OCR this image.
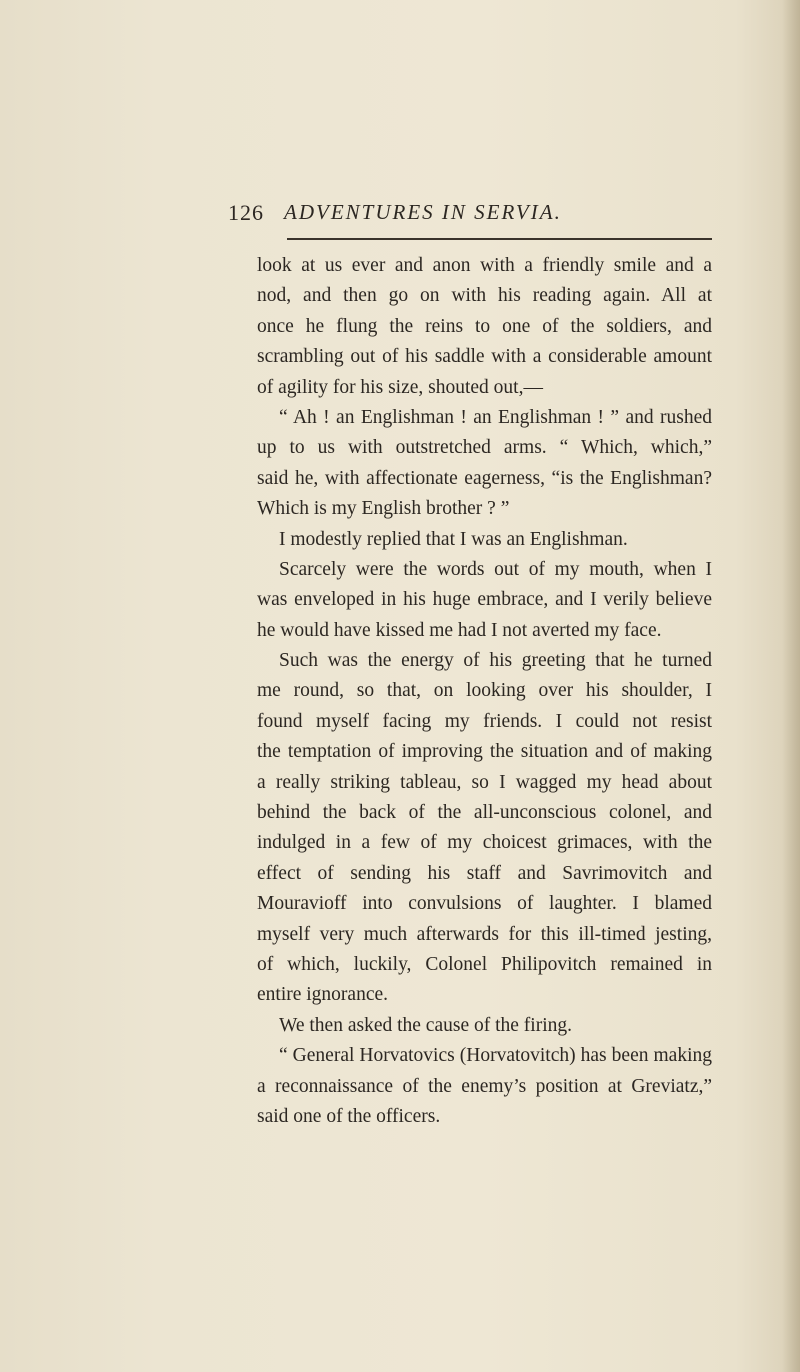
126 ADVENTURES IN SERVIA.
look at us ever and anon with a friendly smile and a
nod, and then go on with his reading again. All at
once he flung the reins to one of the soldiers, and
scrambling out of his saddle with a considerable amount
of agility for his size, shouted out,—
“ Ah ! an Englishman ! an Englishman ! ” and rushed
up to us with outstretched arms. “ Which, which,”
said he, with affectionate eagerness, “is the Englishman?
Which is my English brother ? ”
I modestly replied that I was an Englishman.
Scarcely were the words out of my mouth, when I
was enveloped in his huge embrace, and I verily believe
he would have kissed me had I not averted my face.
Such was the energy of his greeting that he turned
me round, so that, on looking over his shoulder, I
found myself facing my friends. I could not resist
the temptation of improving the situation and of making
a really striking tableau, so I wagged my head about
behind the back of the all-unconscious colonel, and
indulged in a few of my choicest grimaces, with the
effect of sending his staff and Savrimovitch and
Mouravioff into convulsions of laughter. I blamed
myself very much afterwards for this ill-timed jesting,
of which, luckily, Colonel Philipovitch remained in
entire ignorance.
We then asked the cause of the firing.
“ General Horvatovics (Horvatovitch) has been making
a reconnaissance of the enemy’s position at Greviatz,”
said one of the officers.
